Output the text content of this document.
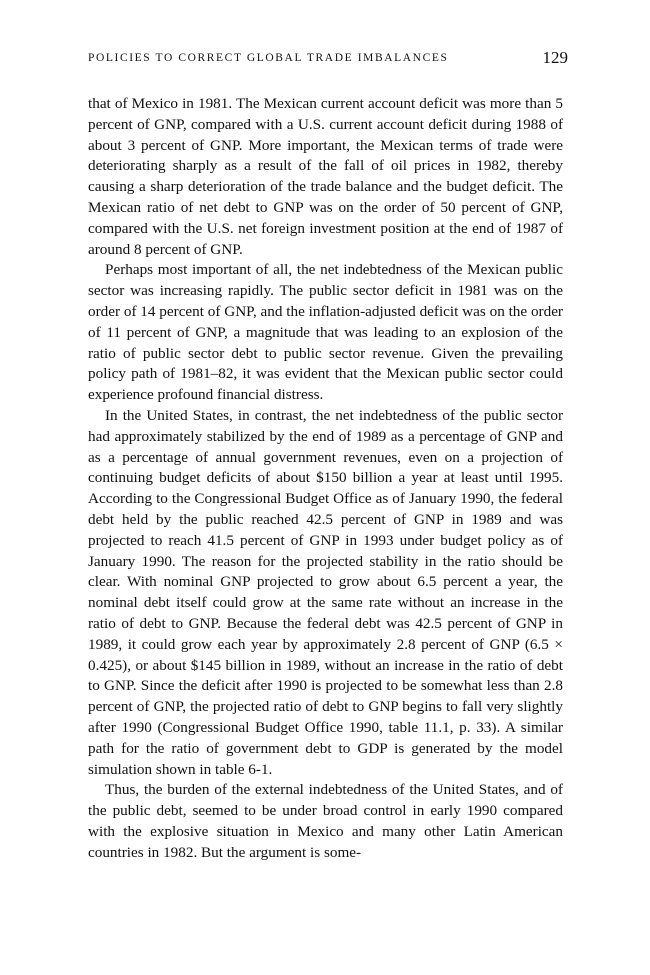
POLICIES TO CORRECT GLOBAL TRADE IMBALANCES	129

that of Mexico in 1981. The Mexican current account deficit was more than 5 percent of GNP, compared with a U.S. current account deficit during 1988 of about 3 percent of GNP. More important, the Mexican terms of trade were deteriorating sharply as a result of the fall of oil prices in 1982, thereby causing a sharp deterioration of the trade balance and the budget deficit. The Mexican ratio of net debt to GNP was on the order of 50 percent of GNP, compared with the U.S. net foreign investment position at the end of 1987 of around 8 percent of GNP.

Perhaps most important of all, the net indebtedness of the Mexican public sector was increasing rapidly. The public sector deficit in 1981 was on the order of 14 percent of GNP, and the inflation-adjusted deficit was on the order of 11 percent of GNP, a magnitude that was leading to an explosion of the ratio of public sector debt to public sector revenue. Given the prevailing policy path of 1981–82, it was evident that the Mexican public sector could experience profound financial distress.

In the United States, in contrast, the net indebtedness of the public sector had approximately stabilized by the end of 1989 as a percentage of GNP and as a percentage of annual government revenues, even on a projection of continuing budget deficits of about $150 billion a year at least until 1995. According to the Congressional Budget Office as of January 1990, the federal debt held by the public reached 42.5 percent of GNP in 1989 and was projected to reach 41.5 percent of GNP in 1993 under budget policy as of January 1990. The reason for the projected stability in the ratio should be clear. With nominal GNP projected to grow about 6.5 percent a year, the nominal debt itself could grow at the same rate without an increase in the ratio of debt to GNP. Because the federal debt was 42.5 percent of GNP in 1989, it could grow each year by approximately 2.8 percent of GNP (6.5 × 0.425), or about $145 billion in 1989, without an increase in the ratio of debt to GNP. Since the deficit after 1990 is projected to be somewhat less than 2.8 percent of GNP, the projected ratio of debt to GNP begins to fall very slightly after 1990 (Congressional Budget Office 1990, table 11.1, p. 33). A similar path for the ratio of government debt to GDP is generated by the model simulation shown in table 6-1.

Thus, the burden of the external indebtedness of the United States, and of the public debt, seemed to be under broad control in early 1990 compared with the explosive situation in Mexico and many other Latin American countries in 1982. But the argument is some-
